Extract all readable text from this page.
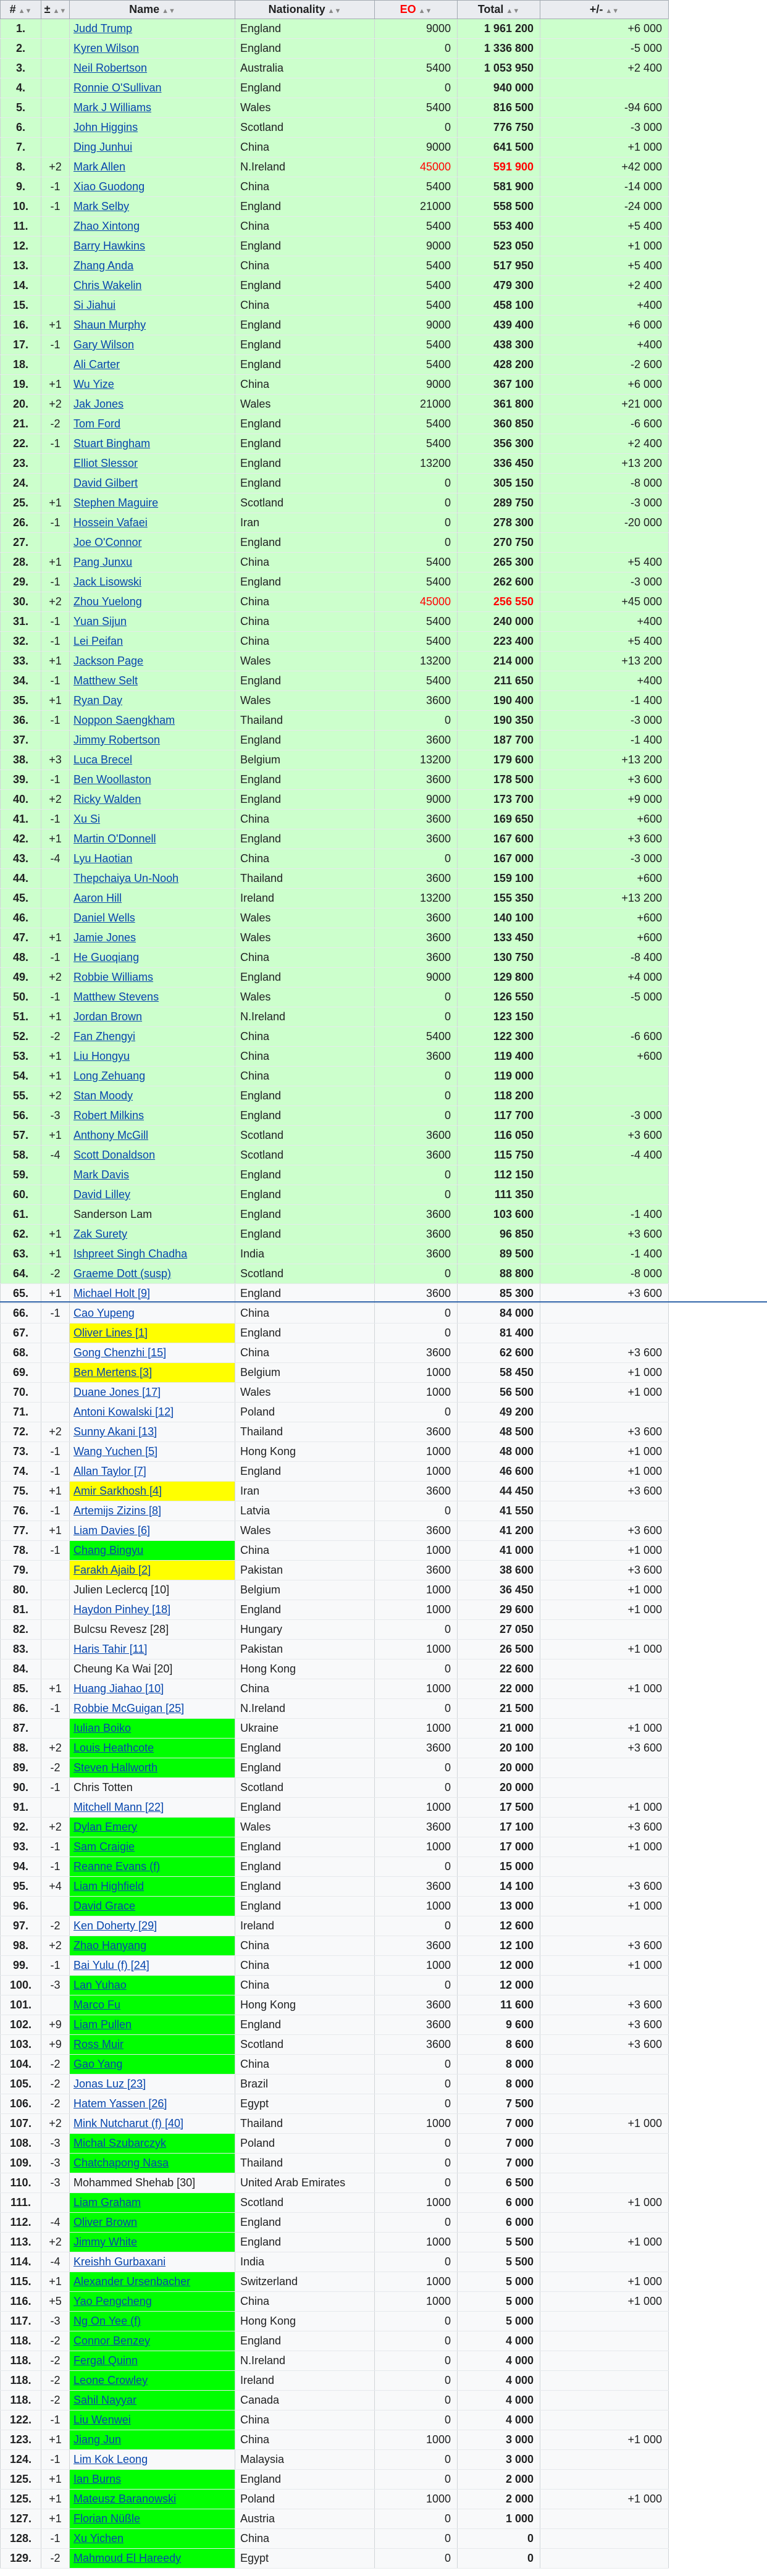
# ▲▼	± ▲▼	Name ▲▼	Nationality ▲▼	EO ▲▼	Total ▲▼	+/- ▲▼
1.		Judd Trump	England	9000	1 961 200	+6 000
2.		Kyren Wilson	England	0	1 336 800	-5 000
3.		Neil Robertson	Australia	5400	1 053 950	+2 400
4.		Ronnie O'Sullivan	England	0	940 000	
5.		Mark J Williams	Wales	5400	816 500	-94 600
6.		John Higgins	Scotland	0	776 750	-3 000
7.		Ding Junhui	China	9000	641 500	+1 000
8.	+2	Mark Allen	N.Ireland	45000	591 900	+42 000
9.	-1	Xiao Guodong	China	5400	581 900	-14 000
10.	-1	Mark Selby	England	21000	558 500	-24 000
11.		Zhao Xintong	China	5400	553 400	+5 400
12.		Barry Hawkins	England	9000	523 050	+1 000
13.		Zhang Anda	China	5400	517 950	+5 400
14.		Chris Wakelin	England	5400	479 300	+2 400
15.		Si Jiahui	China	5400	458 100	+400
16.	+1	Shaun Murphy	England	9000	439 400	+6 000
17.	-1	Gary Wilson	England	5400	438 300	+400
18.		Ali Carter	England	5400	428 200	-2 600
19.	+1	Wu Yize	China	9000	367 100	+6 000
20.	+2	Jak Jones	Wales	21000	361 800	+21 000
21.	-2	Tom Ford	England	5400	360 850	-6 600
22.	-1	Stuart Bingham	England	5400	356 300	+2 400
23.		Elliot Slessor	England	13200	336 450	+13 200
24.		David Gilbert	England	0	305 150	-8 000
25.	+1	Stephen Maguire	Scotland	0	289 750	-3 000
26.	-1	Hossein Vafaei	Iran	0	278 300	-20 000
27.		Joe O'Connor	England	0	270 750	
28.	+1	Pang Junxu	China	5400	265 300	+5 400
29.	-1	Jack Lisowski	England	5400	262 600	-3 000
30.	+2	Zhou Yuelong	China	45000	256 550	+45 000
31.	-1	Yuan Sijun	China	5400	240 000	+400
32.	-1	Lei Peifan	China	5400	223 400	+5 400
33.	+1	Jackson Page	Wales	13200	214 000	+13 200
34.	-1	Matthew Selt	England	5400	211 650	+400
35.	+1	Ryan Day	Wales	3600	190 400	-1 400
36.	-1	Noppon Saengkham	Thailand	0	190 350	-3 000
37.		Jimmy Robertson	England	3600	187 700	-1 400
38.	+3	Luca Brecel	Belgium	13200	179 600	+13 200
39.	-1	Ben Woollaston	England	3600	178 500	+3 600
40.	+2	Ricky Walden	England	9000	173 700	+9 000
41.	-1	Xu Si	China	3600	169 650	+600
42.	+1	Martin O'Donnell	England	3600	167 600	+3 600
43.	-4	Lyu Haotian	China	0	167 000	-3 000
44.		Thepchaiya Un-Nooh	Thailand	3600	159 100	+600
45.		Aaron Hill	Ireland	13200	155 350	+13 200
46.		Daniel Wells	Wales	3600	140 100	+600
47.	+1	Jamie Jones	Wales	3600	133 450	+600
48.	-1	He Guoqiang	China	3600	130 750	-8 400
49.	+2	Robbie Williams	England	9000	129 800	+4 000
50.	-1	Matthew Stevens	Wales	0	126 550	-5 000
51.	+1	Jordan Brown	N.Ireland	0	123 150	
52.	-2	Fan Zhengyi	China	5400	122 300	-6 600
53.	+1	Liu Hongyu	China	3600	119 400	+600
54.	+1	Long Zehuang	China	0	119 000	
55.	+2	Stan Moody	England	0	118 200	
56.	-3	Robert Milkins	England	0	117 700	-3 000
57.	+1	Anthony McGill	Scotland	3600	116 050	+3 600
58.	-4	Scott Donaldson	Scotland	3600	115 750	-4 400
59.		Mark Davis	England	0	112 150	
60.		David Lilley	England	0	111 350	
61.		Sanderson Lam	England	3600	103 600	-1 400
62.	+1	Zak Surety	England	3600	96 850	+3 600
63.	+1	Ishpreet Singh Chadha	India	3600	89 500	-1 400
64.	-2	Graeme Dott (susp)	Scotland	0	88 800	-8 000
65.	+1	Michael Holt [9]	England	3600	85 300	+3 600
66.	-1	Cao Yupeng	China	0	84 000	
67.		Oliver Lines [1]	England	0	81 400	
68.		Gong Chenzhi [15]	China	3600	62 600	+3 600
69.		Ben Mertens [3]	Belgium	1000	58 450	+1 000
70.		Duane Jones [17]	Wales	1000	56 500	+1 000
71.		Antoni Kowalski [12]	Poland	0	49 200	
72.	+2	Sunny Akani [13]	Thailand	3600	48 500	+3 600
73.	-1	Wang Yuchen [5]	Hong Kong	1000	48 000	+1 000
74.	-1	Allan Taylor [7]	England	1000	46 600	+1 000
75.	+1	Amir Sarkhosh [4]	Iran	3600	44 450	+3 600
76.	-1	Artemijs Zizins [8]	Latvia	0	41 550	
77.	+1	Liam Davies [6]	Wales	3600	41 200	+3 600
78.	-1	Chang Bingyu	China	1000	41 000	+1 000
79.		Farakh Ajaib [2]	Pakistan	3600	38 600	+3 600
80.		Julien Leclercq [10]	Belgium	1000	36 450	+1 000
81.		Haydon Pinhey [18]	England	1000	29 600	+1 000
82.		Bulcsu Revesz [28]	Hungary	0	27 050	
83.		Haris Tahir [11]	Pakistan	1000	26 500	+1 000
84.		Cheung Ka Wai [20]	Hong Kong	0	22 600	
85.	+1	Huang Jiahao [10]	China	1000	22 000	+1 000
86.	-1	Robbie McGuigan [25]	N.Ireland	0	21 500	
87.		Iulian Boiko	Ukraine	1000	21 000	+1 000
88.	+2	Louis Heathcote	England	3600	20 100	+3 600
89.	-2	Steven Hallworth	England	0	20 000	
90.	-1	Chris Totten	Scotland	0	20 000	
91.		Mitchell Mann [22]	England	1000	17 500	+1 000
92.	+2	Dylan Emery	Wales	3600	17 100	+3 600
93.	-1	Sam Craigie	England	1000	17 000	+1 000
94.	-1	Reanne Evans (f)	England	0	15 000	
95.	+4	Liam Highfield	England	3600	14 100	+3 600
96.		David Grace	England	1000	13 000	+1 000
97.	-2	Ken Doherty [29]	Ireland	0	12 600	
98.	+2	Zhao Hanyang	China	3600	12 100	+3 600
99.	-1	Bai Yulu (f) [24]	China	1000	12 000	+1 000
100.	-3	Lan Yuhao	China	0	12 000	
101.		Marco Fu	Hong Kong	3600	11 600	+3 600
102.	+9	Liam Pullen	England	3600	9 600	+3 600
103.	+9	Ross Muir	Scotland	3600	8 600	+3 600
104.	-2	Gao Yang	China	0	8 000	
105.	-2	Jonas Luz [23]	Brazil	0	8 000	
106.	-2	Hatem Yassen [26]	Egypt	0	7 500	
107.	+2	Mink Nutcharut (f) [40]	Thailand	1000	7 000	+1 000
108.	-3	Michal Szubarczyk	Poland	0	7 000	
109.	-3	Chatchapong Nasa	Thailand	0	7 000	
110.	-3	Mohammed Shehab [30]	United Arab Emirates	0	6 500	
111.		Liam Graham	Scotland	1000	6 000	+1 000
112.	-4	Oliver Brown	England	0	6 000	
113.	+2	Jimmy White	England	1000	5 500	+1 000
114.	-4	Kreishh Gurbaxani	India	0	5 500	
115.	+1	Alexander Ursenbacher	Switzerland	1000	5 000	+1 000
116.	+5	Yao Pengcheng	China	1000	5 000	+1 000
117.	-3	Ng On Yee (f)	Hong Kong	0	5 000	
118.	-2	Connor Benzey	England	0	4 000	
118.	-2	Fergal Quinn	N.Ireland	0	4 000	
118.	-2	Leone Crowley	Ireland	0	4 000	
118.	-2	Sahil Nayyar	Canada	0	4 000	
122.	-1	Liu Wenwei	China	0	4 000	
123.	+1	Jiang Jun	China	1000	3 000	+1 000
124.	-1	Lim Kok Leong	Malaysia	0	3 000	
125.	+1	Ian Burns	England	0	2 000	
125.	+1	Mateusz Baranowski	Poland	1000	2 000	+1 000
127.	+1	Florian Nüßle	Austria	0	1 000	
128.	-1	Xu Yichen	China	0	0	
129.	-2	Mahmoud El Hareedy	Egypt	0	0	
